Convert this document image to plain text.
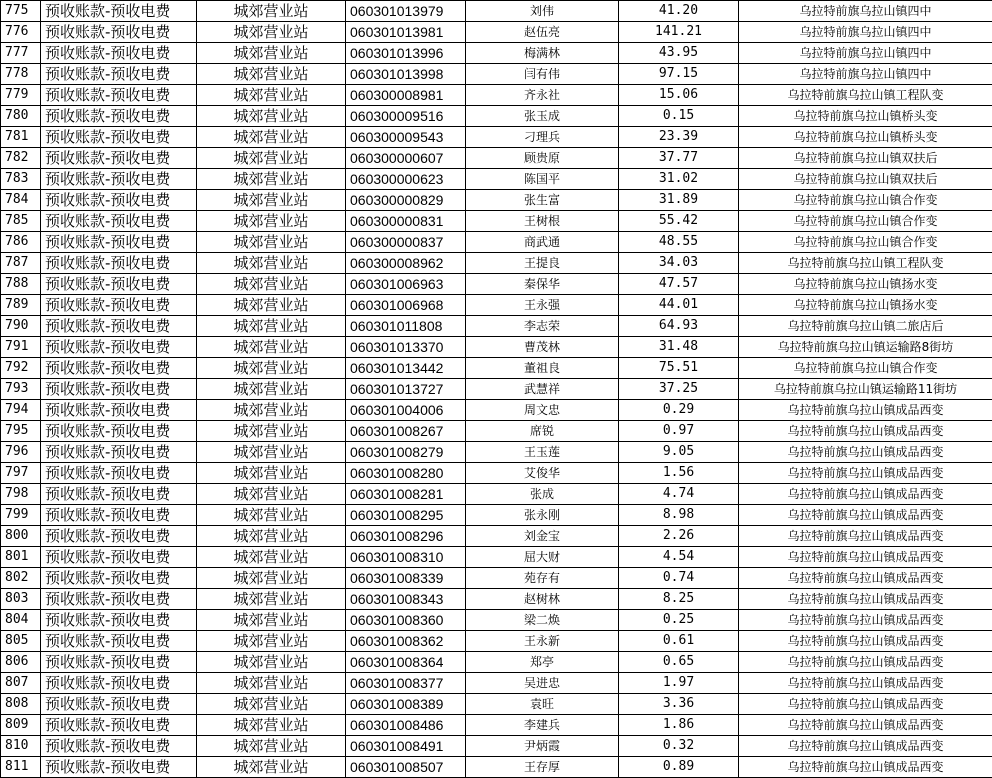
775	预收账款-预收电费	城郊营业站	060301013979	刘伟	41.20	乌拉特前旗乌拉山镇四中
776	预收账款-预收电费	城郊营业站	060301013981	赵伍亮	141.21	乌拉特前旗乌拉山镇四中
777	预收账款-预收电费	城郊营业站	060301013996	梅满林	43.95	乌拉特前旗乌拉山镇四中
778	预收账款-预收电费	城郊营业站	060301013998	闫有伟	97.15	乌拉特前旗乌拉山镇四中
779	预收账款-预收电费	城郊营业站	060300008981	齐永社	15.06	乌拉特前旗乌拉山镇工程队变
780	预收账款-预收电费	城郊营业站	060300009516	张玉成	0.15	乌拉特前旗乌拉山镇桥头变
781	预收账款-预收电费	城郊营业站	060300009543	刁理兵	23.39	乌拉特前旗乌拉山镇桥头变
782	预收账款-预收电费	城郊营业站	060300000607	顾贵原	37.77	乌拉特前旗乌拉山镇双扶后
783	预收账款-预收电费	城郊营业站	060300000623	陈国平	31.02	乌拉特前旗乌拉山镇双扶后
784	预收账款-预收电费	城郊营业站	060300000829	张生富	31.89	乌拉特前旗乌拉山镇合作变
785	预收账款-预收电费	城郊营业站	060300000831	王树根	55.42	乌拉特前旗乌拉山镇合作变
786	预收账款-预收电费	城郊营业站	060300000837	商武通	48.55	乌拉特前旗乌拉山镇合作变
787	预收账款-预收电费	城郊营业站	060300008962	王提良	34.03	乌拉特前旗乌拉山镇工程队变
788	预收账款-预收电费	城郊营业站	060301006963	秦保华	47.57	乌拉特前旗乌拉山镇扬水变
789	预收账款-预收电费	城郊营业站	060301006968	王永强	44.01	乌拉特前旗乌拉山镇扬水变
790	预收账款-预收电费	城郊营业站	060301011808	李志荣	64.93	乌拉特前旗乌拉山镇二旅店后
791	预收账款-预收电费	城郊营业站	060301013370	曹茂林	31.48	乌拉特前旗乌拉山镇运输路8街坊
792	预收账款-预收电费	城郊营业站	060301013442	董祖良	75.51	乌拉特前旗乌拉山镇合作变
793	预收账款-预收电费	城郊营业站	060301013727	武慧祥	37.25	乌拉特前旗乌拉山镇运输路11街坊
794	预收账款-预收电费	城郊营业站	060301004006	周文忠	0.29	乌拉特前旗乌拉山镇成品西变
795	预收账款-预收电费	城郊营业站	060301008267	席锐	0.97	乌拉特前旗乌拉山镇成品西变
796	预收账款-预收电费	城郊营业站	060301008279	王玉莲	9.05	乌拉特前旗乌拉山镇成品西变
797	预收账款-预收电费	城郊营业站	060301008280	艾俊华	1.56	乌拉特前旗乌拉山镇成品西变
798	预收账款-预收电费	城郊营业站	060301008281	张成	4.74	乌拉特前旗乌拉山镇成品西变
799	预收账款-预收电费	城郊营业站	060301008295	张永刚	8.98	乌拉特前旗乌拉山镇成品西变
800	预收账款-预收电费	城郊营业站	060301008296	刘金宝	2.26	乌拉特前旗乌拉山镇成品西变
801	预收账款-预收电费	城郊营业站	060301008310	屈大财	4.54	乌拉特前旗乌拉山镇成品西变
802	预收账款-预收电费	城郊营业站	060301008339	苑存有	0.74	乌拉特前旗乌拉山镇成品西变
803	预收账款-预收电费	城郊营业站	060301008343	赵树林	8.25	乌拉特前旗乌拉山镇成品西变
804	预收账款-预收电费	城郊营业站	060301008360	梁二焕	0.25	乌拉特前旗乌拉山镇成品西变
805	预收账款-预收电费	城郊营业站	060301008362	王永新	0.61	乌拉特前旗乌拉山镇成品西变
806	预收账款-预收电费	城郊营业站	060301008364	郑亭	0.65	乌拉特前旗乌拉山镇成品西变
807	预收账款-预收电费	城郊营业站	060301008377	吴进忠	1.97	乌拉特前旗乌拉山镇成品西变
808	预收账款-预收电费	城郊营业站	060301008389	袁旺	3.36	乌拉特前旗乌拉山镇成品西变
809	预收账款-预收电费	城郊营业站	060301008486	李建兵	1.86	乌拉特前旗乌拉山镇成品西变
810	预收账款-预收电费	城郊营业站	060301008491	尹炳霞	0.32	乌拉特前旗乌拉山镇成品西变
811	预收账款-预收电费	城郊营业站	060301008507	王存厚	0.89	乌拉特前旗乌拉山镇成品西变
